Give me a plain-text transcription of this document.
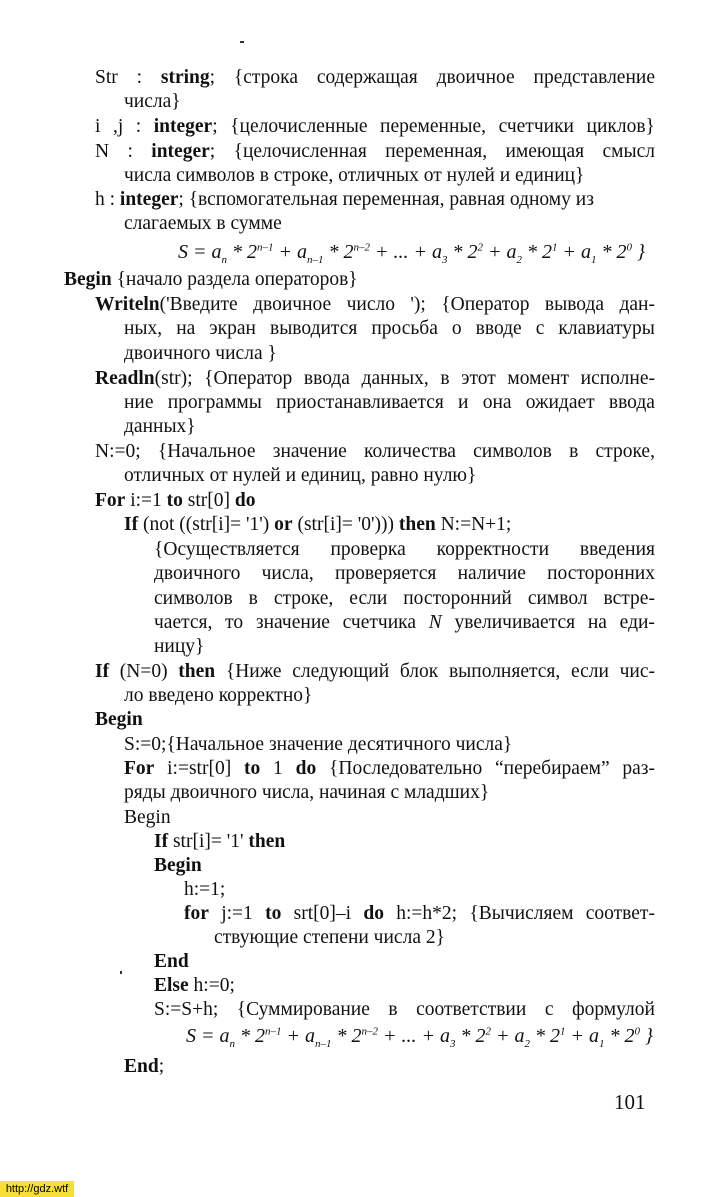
Str : string; {строка содержащая двоичное представление
числа}
i ,j : integer; {целочисленные переменные, счетчики циклов}
N : integer; {целочисленная переменная, имеющая смысл
числа символов в строке, отличных от нулей и единиц}
h : integer; {вспомогательная переменная, равная одному из
слагаемых в сумме
$S = a_n * 2^{n-1} + a_{n-1} * 2^{n-2}$ + ... + $a_3 * 2^2 + a_2 * 2^1 + a_1 * 2^0$ }
Begin {начало раздела операторов}
Writeln('Введите двоичное число '); {Оператор вывода дан-
ных, на экран выводится просьба о вводе с клавиатуры
двоичного числа }
Readln(str); {Оператор ввода данных, в этот момент исполне-
ние программы приостанавливается и она ожидает ввода
данных}
N:=0; {Начальное значение количества символов в строке,
отличных от нулей и единиц, равно нулю}
For i:=1 to str[0] do
If (not ((str[i]= '1') or (str[i]= '0'))) then N:=N+1;
{Осуществляется проверка корректности введения
двоичного числа, проверяется наличие посторонних
символов в строке, если посторонний символ встре-
чается, то значение счетчика N увеличивается на еди-
ницу}
If (N=0) then {Ниже следующий блок выполняется, если чис-
ло введено корректно}
Begin
S:=0;{Начальное значение десятичного числа}
For i:=str[0] to 1 do {Последовательно “перебираем” раз-
ряды двоичного числа, начиная с младших}
Begin
If str[i]= '1' then
Begin
h:=1;
for j:=1 to srt[0]–i do h:=h*2; {Вычисляем соответ-
ствующие степени числа 2}
End
Else h:=0;
S:=S+h; {Суммирование в соответствии с формулой
$S = a_n * 2^{n-1} + a_{n-1} * 2^{n-2}$ + ... + $a_3 * 2^2 + a_2 * 2^1 + a_1 * 2^0$ }
End;
101
http://gdz.wtf
